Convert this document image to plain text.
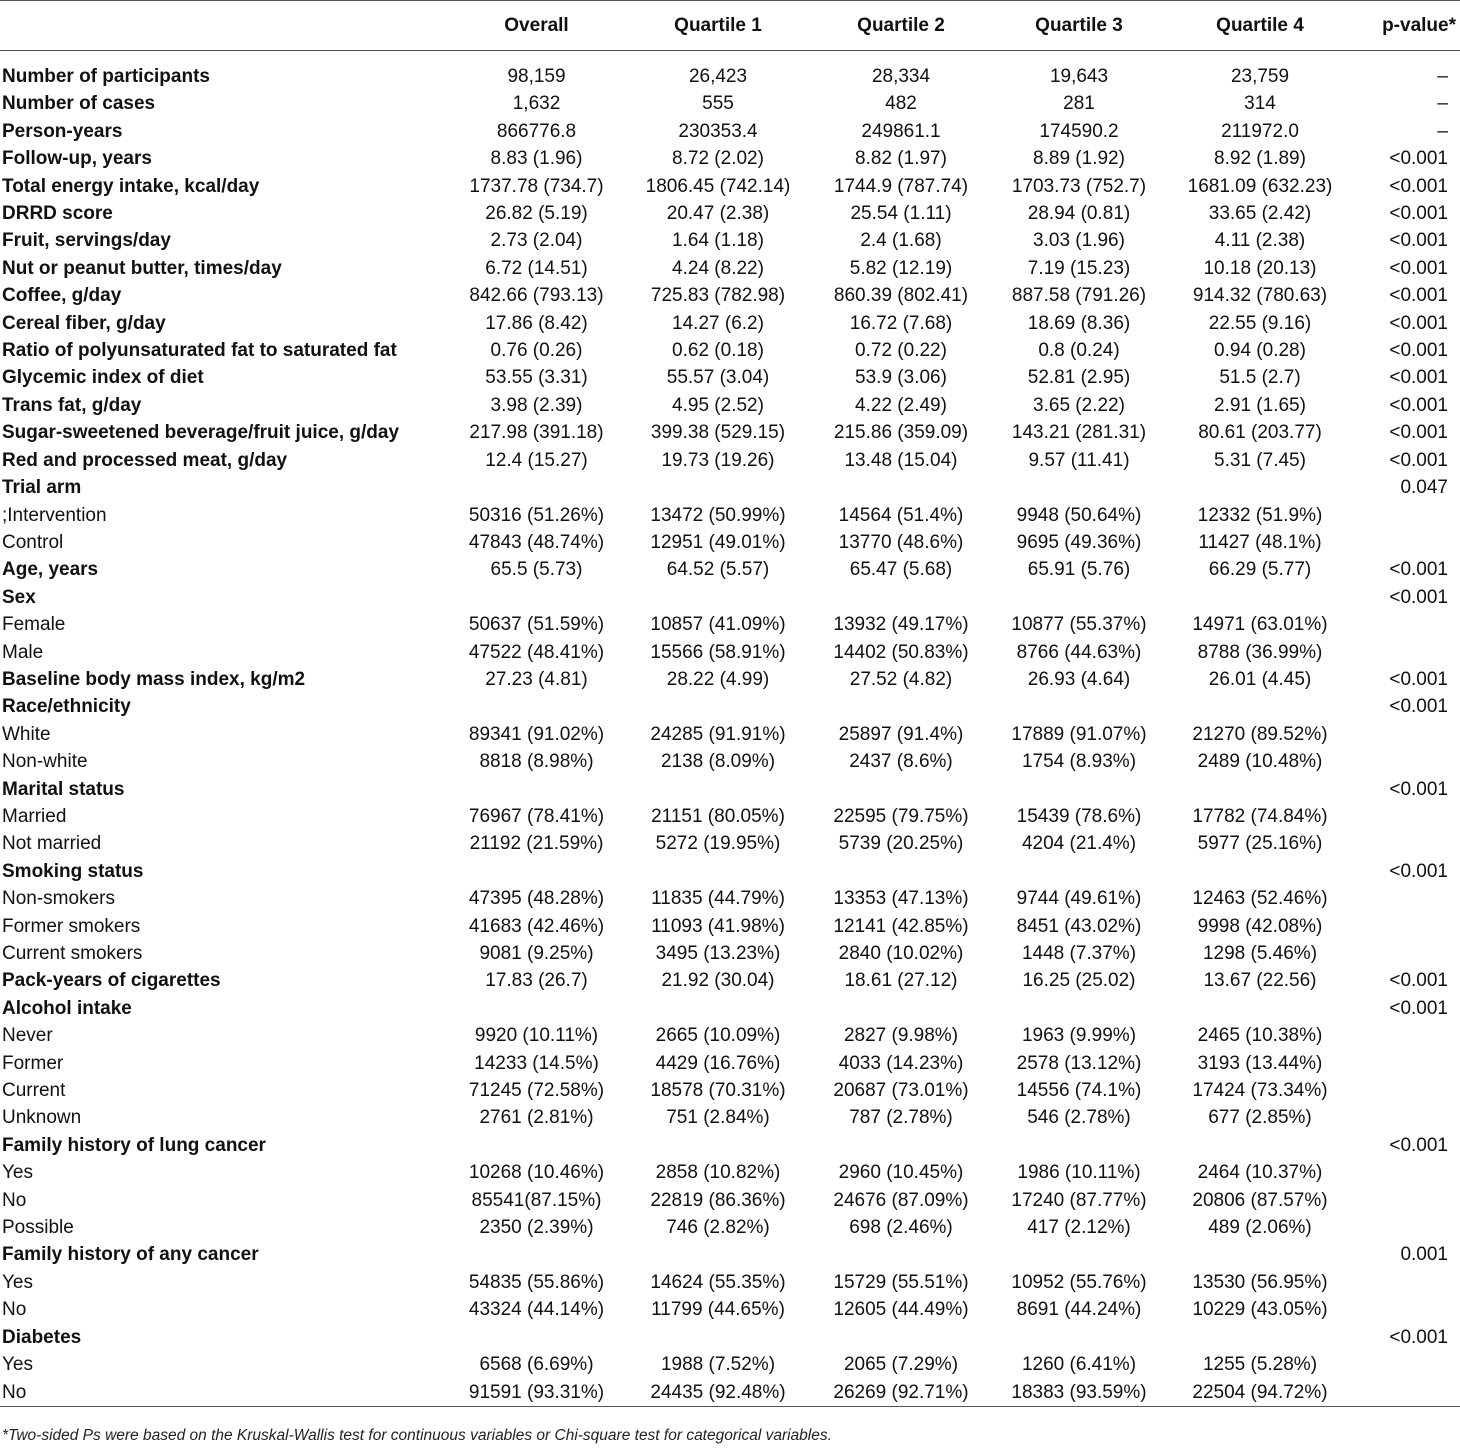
	Overall	Quartile 1	Quartile 2	Quartile 3	Quartile 4	p-value*
Number of participants	98,159	26,423	28,334	19,643	23,759	–
Number of cases	1,632	555	482	281	314	–
Person-years	866776.8	230353.4	249861.1	174590.2	211972.0	–
Follow-up, years	8.83 (1.96)	8.72 (2.02)	8.82 (1.97)	8.89 (1.92)	8.92 (1.89)	<0.001
Total energy intake, kcal/day	1737.78 (734.7)	1806.45 (742.14)	1744.9 (787.74)	1703.73 (752.7)	1681.09 (632.23)	<0.001
DRRD score	26.82 (5.19)	20.47 (2.38)	25.54 (1.11)	28.94 (0.81)	33.65 (2.42)	<0.001
Fruit, servings/day	2.73 (2.04)	1.64 (1.18)	2.4 (1.68)	3.03 (1.96)	4.11 (2.38)	<0.001
Nut or peanut butter, times/day	6.72 (14.51)	4.24 (8.22)	5.82 (12.19)	7.19 (15.23)	10.18 (20.13)	<0.001
Coffee, g/day	842.66 (793.13)	725.83 (782.98)	860.39 (802.41)	887.58 (791.26)	914.32 (780.63)	<0.001
Cereal fiber, g/day	17.86 (8.42)	14.27 (6.2)	16.72 (7.68)	18.69 (8.36)	22.55 (9.16)	<0.001
Ratio of polyunsaturated fat to saturated fat	0.76 (0.26)	0.62 (0.18)	0.72 (0.22)	0.8 (0.24)	0.94 (0.28)	<0.001
Glycemic index of diet	53.55 (3.31)	55.57 (3.04)	53.9 (3.06)	52.81 (2.95)	51.5 (2.7)	<0.001
Trans fat, g/day	3.98 (2.39)	4.95 (2.52)	4.22 (2.49)	3.65 (2.22)	2.91 (1.65)	<0.001
Sugar-sweetened beverage/fruit juice, g/day	217.98 (391.18)	399.38 (529.15)	215.86 (359.09)	143.21 (281.31)	80.61 (203.77)	<0.001
Red and processed meat, g/day	12.4 (15.27)	19.73 (19.26)	13.48 (15.04)	9.57 (11.41)	5.31 (7.45)	<0.001
Trial arm						0.047
;Intervention	50316 (51.26%)	13472 (50.99%)	14564 (51.4%)	9948 (50.64%)	12332 (51.9%)	
Control	47843 (48.74%)	12951 (49.01%)	13770 (48.6%)	9695 (49.36%)	11427 (48.1%)	
Age, years	65.5 (5.73)	64.52 (5.57)	65.47 (5.68)	65.91 (5.76)	66.29 (5.77)	<0.001
Sex						<0.001
Female	50637 (51.59%)	10857 (41.09%)	13932 (49.17%)	10877 (55.37%)	14971 (63.01%)	
Male	47522 (48.41%)	15566 (58.91%)	14402 (50.83%)	8766 (44.63%)	8788 (36.99%)	
Baseline body mass index, kg/m2	27.23 (4.81)	28.22 (4.99)	27.52 (4.82)	26.93 (4.64)	26.01 (4.45)	<0.001
Race/ethnicity						<0.001
White	89341 (91.02%)	24285 (91.91%)	25897 (91.4%)	17889 (91.07%)	21270 (89.52%)	
Non-white	8818 (8.98%)	2138 (8.09%)	2437 (8.6%)	1754 (8.93%)	2489 (10.48%)	
Marital status						<0.001
Married	76967 (78.41%)	21151 (80.05%)	22595 (79.75%)	15439 (78.6%)	17782 (74.84%)	
Not married	21192 (21.59%)	5272 (19.95%)	5739 (20.25%)	4204 (21.4%)	5977 (25.16%)	
Smoking status						<0.001
Non-smokers	47395 (48.28%)	11835 (44.79%)	13353 (47.13%)	9744 (49.61%)	12463 (52.46%)	
Former smokers	41683 (42.46%)	11093 (41.98%)	12141 (42.85%)	8451 (43.02%)	9998 (42.08%)	
Current smokers	9081 (9.25%)	3495 (13.23%)	2840 (10.02%)	1448 (7.37%)	1298 (5.46%)	
Pack-years of cigarettes	17.83 (26.7)	21.92 (30.04)	18.61 (27.12)	16.25 (25.02)	13.67 (22.56)	<0.001
Alcohol intake						<0.001
Never	9920 (10.11%)	2665 (10.09%)	2827 (9.98%)	1963 (9.99%)	2465 (10.38%)	
Former	14233 (14.5%)	4429 (16.76%)	4033 (14.23%)	2578 (13.12%)	3193 (13.44%)	
Current	71245 (72.58%)	18578 (70.31%)	20687 (73.01%)	14556 (74.1%)	17424 (73.34%)	
Unknown	2761 (2.81%)	751 (2.84%)	787 (2.78%)	546 (2.78%)	677 (2.85%)	
Family history of lung cancer						<0.001
Yes	10268 (10.46%)	2858 (10.82%)	2960 (10.45%)	1986 (10.11%)	2464 (10.37%)	
No	85541(87.15%)	22819 (86.36%)	24676 (87.09%)	17240 (87.77%)	20806 (87.57%)	
Possible	2350 (2.39%)	746 (2.82%)	698 (2.46%)	417 (2.12%)	489 (2.06%)	
Family history of any cancer						0.001
Yes	54835 (55.86%)	14624 (55.35%)	15729 (55.51%)	10952 (55.76%)	13530 (56.95%)	
No	43324 (44.14%)	11799 (44.65%)	12605 (44.49%)	8691 (44.24%)	10229 (43.05%)	
Diabetes						<0.001
Yes	6568 (6.69%)	1988 (7.52%)	2065 (7.29%)	1260 (6.41%)	1255 (5.28%)	
No	91591 (93.31%)	24435 (92.48%)	26269 (92.71%)	18383 (93.59%)	22504 (94.72%)	
*Two-sided Ps were based on the Kruskal-Wallis test for continuous variables or Chi-square test for categorical variables.
